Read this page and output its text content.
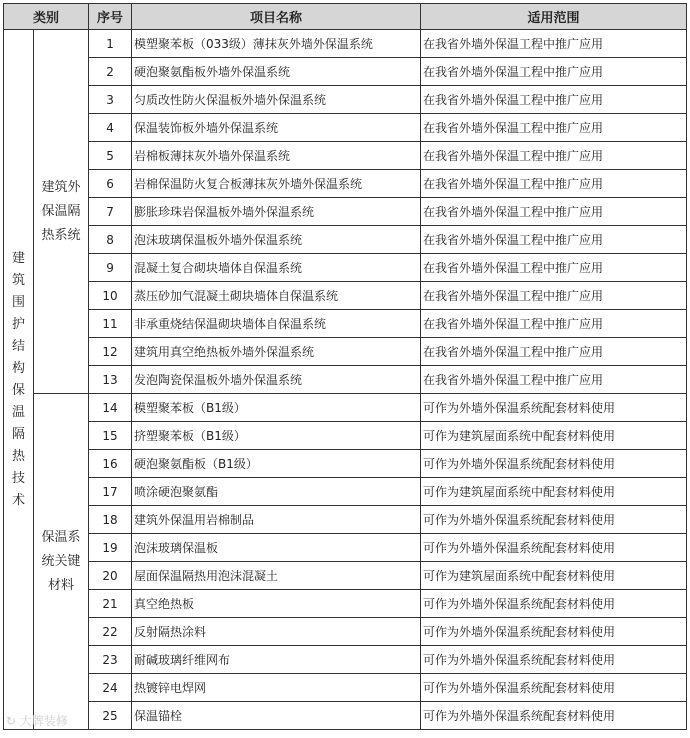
类别		序号	项目名称	适用范围
建筑围护结构保温隔热技术	建筑外保温隔热系统	1	模塑聚苯板（033级）薄抹灰外墙外保温系统	在我省外墙外保温工程中推广应用
		2	硬泡聚氨酯板外墙外保温系统	在我省外墙外保温工程中推广应用
		3	匀质改性防火保温板外墙外保温系统	在我省外墙外保温工程中推广应用
		4	保温装饰板外墙外保温系统	在我省外墙外保温工程中推广应用
		5	岩棉板薄抹灰外墙外保温系统	在我省外墙外保温工程中推广应用
		6	岩棉保温防火复合板薄抹灰外墙外保温系统	在我省外墙外保温工程中推广应用
		7	膨胀珍珠岩保温板外墙外保温系统	在我省外墙外保温工程中推广应用
		8	泡沫玻璃保温板外墙外保温系统	在我省外墙外保温工程中推广应用
		9	混凝土复合砌块墙体自保温系统	在我省外墙外保温工程中推广应用
		10	蒸压砂加气混凝土砌块墙体自保温系统	在我省外墙外保温工程中推广应用
		11	非承重烧结保温砌块墙体自保温系统	在我省外墙外保温工程中推广应用
		12	建筑用真空绝热板外墙外保温系统	在我省外墙外保温工程中推广应用
		13	发泡陶瓷保温板外墙外保温系统	在我省外墙外保温工程中推广应用
	保温系统关键材料	14	模塑聚苯板（B1级）	可作为外墙外保温系统配套材料使用
		15	挤塑聚苯板（B1级）	可作为建筑屋面系统中配套材料使用
		16	硬泡聚氨酯板（B1级）	可作为外墙外保温系统配套材料使用
		17	喷涂硬泡聚氨酯	可作为建筑屋面系统中配套材料使用
		18	建筑外保温用岩棉制品	可作为外墙外保温系统配套材料使用
		19	泡沫玻璃保温板	可作为外墙外保温系统配套材料使用
		20	屋面保温隔热用泡沫混凝土	可作为建筑屋面系统中配套材料使用
		21	真空绝热板	可作为外墙外保温系统配套材料使用
		22	反射隔热涂料	可作为外墙外保温系统配套材料使用
		23	耐碱玻璃纤维网布	可作为外墙外保温系统配套材料使用
		24	热镀锌电焊网	可作为外墙外保温系统配套材料使用
		25	保温锚栓	可作为外墙外保温系统配套材料使用
↻ 大牌装修
